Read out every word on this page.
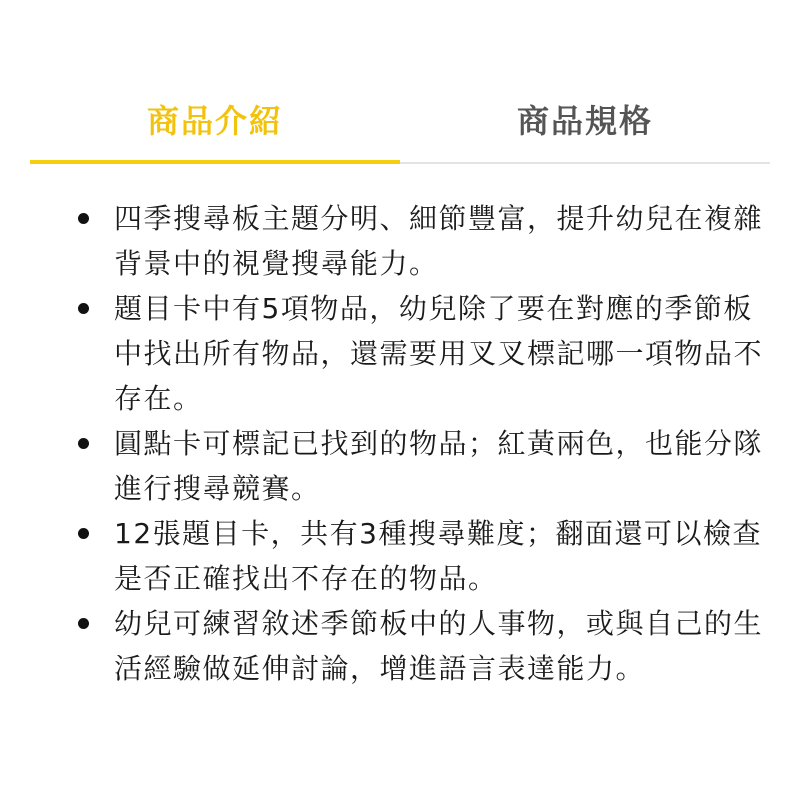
商品介紹	商品規格
四季搜尋板主題分明、細節豐富，提升幼兒在複雜背景中的視覺搜尋能力。
題目卡中有5項物品，幼兒除了要在對應的季節板中找出所有物品，還需要用叉叉標記哪一項物品不存在。
圓點卡可標記已找到的物品；紅黃兩色，也能分隊進行搜尋競賽。
12張題目卡，共有3種搜尋難度；翻面還可以檢查是否正確找出不存在的物品。
幼兒可練習敘述季節板中的人事物，或與自己的生活經驗做延伸討論，增進語言表達能力。
